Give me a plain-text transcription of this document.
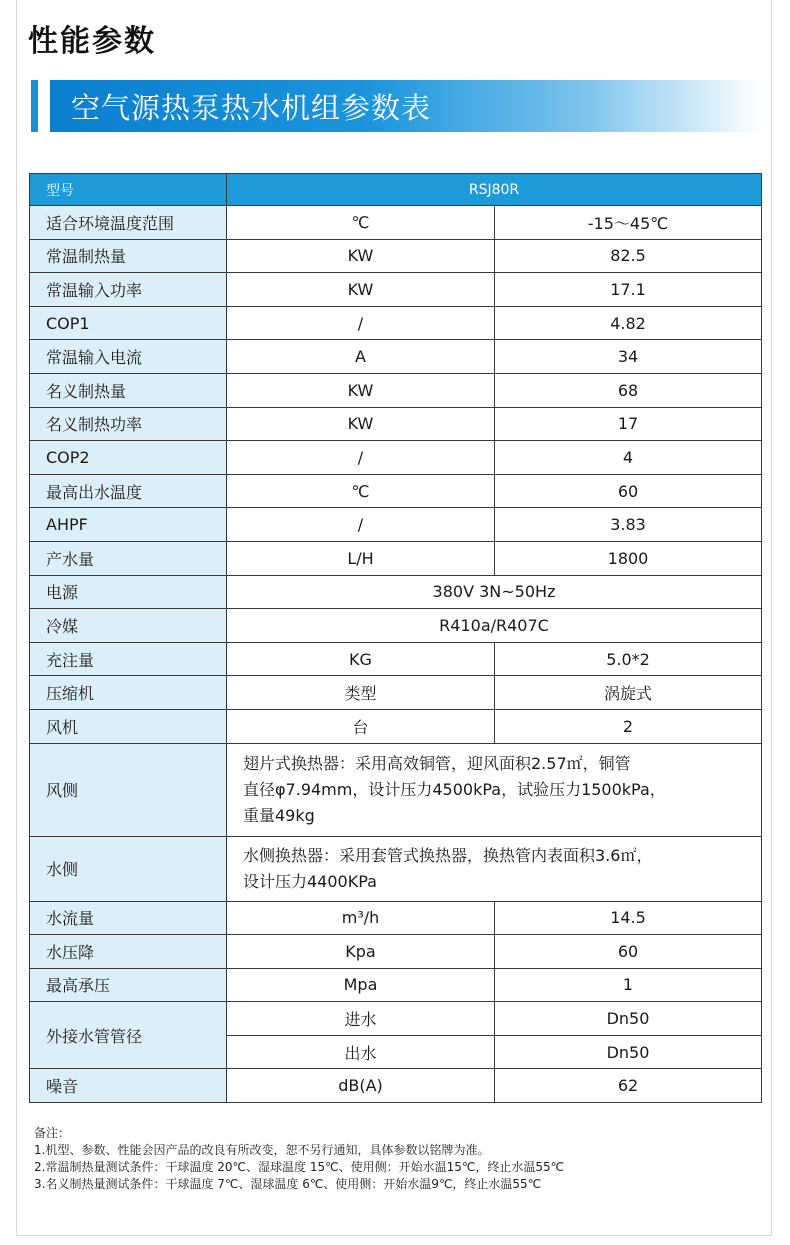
性能参数
空气源热泵热水机组参数表
型号	RSJ80R	
适合环境温度范围	℃	-15～45℃
常温制热量	KW	82.5
常温输入功率	KW	17.1
COP1	/	4.82
常温输入电流	A	34
名义制热量	KW	68
名义制热功率	KW	17
COP2	/	4
最高出水温度	℃	60
AHPF	/	3.83
产水量	L/H	1800
电源	380V 3N~50Hz	
冷媒	R410a/R407C	
充注量	KG	5.0*2
压缩机	类型	涡旋式
风机	台	2
风侧	翅片式换热器：采用高效铜管，迎风面积2.57㎡，铜管
直径φ7.94mm，设计压力4500kPa，试验压力1500kPa，
重量49kg	

水侧	水侧换热器：采用套管式换热器，换热管内表面积3.6㎡，
设计压力4400KPa	

水流量	m³/h	14.5
水压降	Kpa	60
最高承压	Mpa	1
外接水管管径	进水	Dn50
	出水	Dn50
噪音	dB(A)	62
备注：
1.机型、参数、性能会因产品的改良有所改变，恕不另行通知，具体参数以铭牌为准。
2.常温制热量测试条件：干球温度 20℃、湿球温度 15℃、使用侧：开始水温15℃，终止水温55℃
3.名义制热量测试条件：干球温度 7℃、湿球温度 6℃、使用侧：开始水温9℃，终止水温55℃
